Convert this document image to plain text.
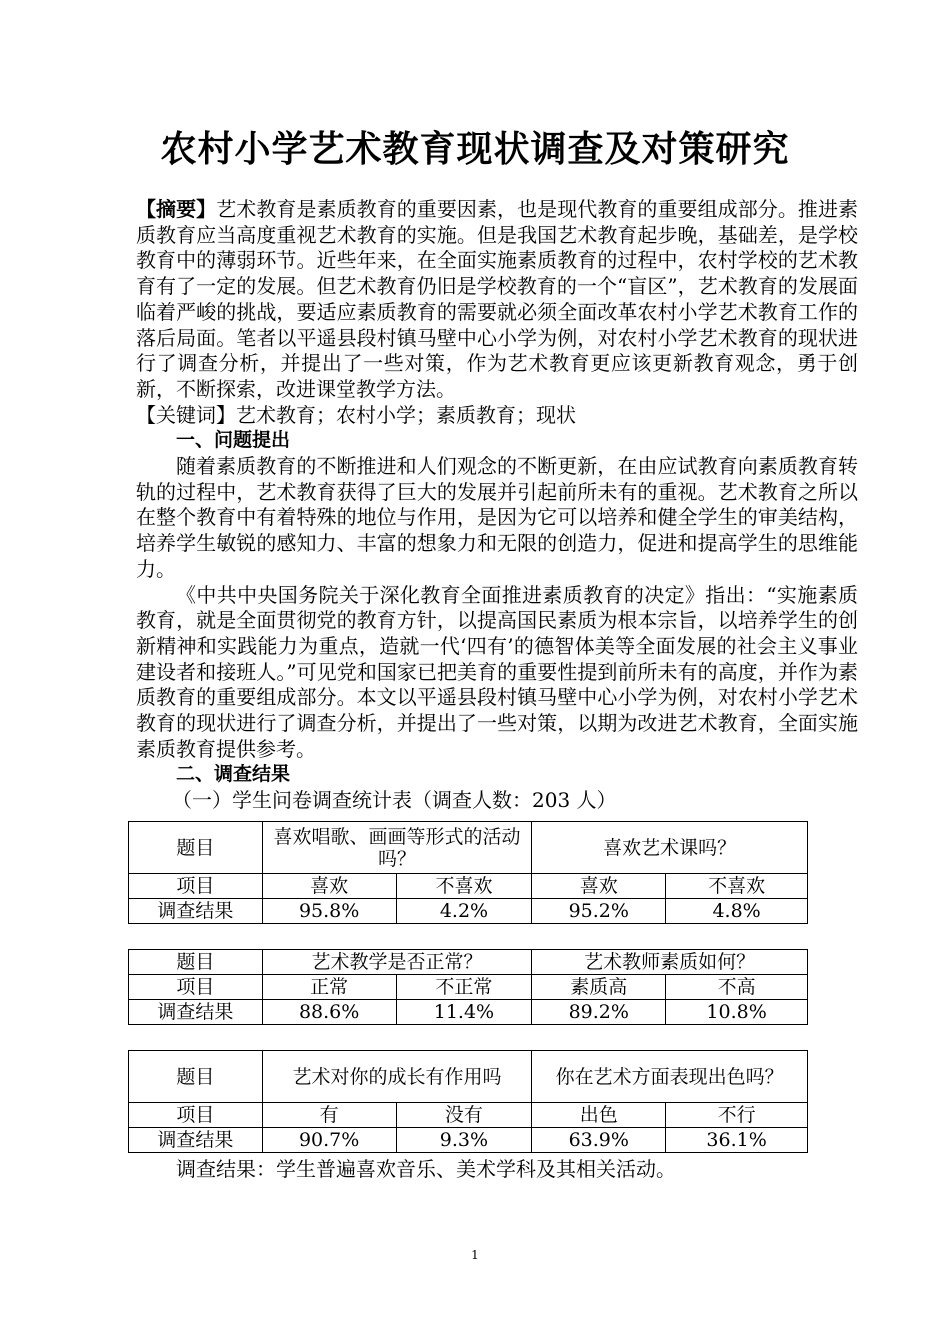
农村小学艺术教育现状调查及对策研究

【摘要】艺术教育是素质教育的重要因素，也是现代教育的重要组成部分。推进素质教育应当高度重视艺术教育的实施。但是我国艺术教育起步晚，基础差，是学校教育中的薄弱环节。近些年来，在全面实施素质教育的过程中，农村学校的艺术教育有了一定的发展。但艺术教育仍旧是学校教育的一个“盲区”，艺术教育的发展面临着严峻的挑战，要适应素质教育的需要就必须全面改革农村小学艺术教育工作的落后局面。笔者以平遥县段村镇马壁中心小学为例，对农村小学艺术教育的现状进行了调查分析，并提出了一些对策，作为艺术教育更应该更新教育观念，勇于创新，不断探索，改进课堂教学方法。

【关键词】艺术教育；农村小学；素质教育；现状

一、问题提出

随着素质教育的不断推进和人们观念的不断更新，在由应试教育向素质教育转轨的过程中，艺术教育获得了巨大的发展并引起前所未有的重视。艺术教育之所以在整个教育中有着特殊的地位与作用，是因为它可以培养和健全学生的审美结构，培养学生敏锐的感知力、丰富的想象力和无限的创造力，促进和提高学生的思维能力。

《中共中央国务院关于深化教育全面推进素质教育的决定》指出：“实施素质教育，就是全面贯彻党的教育方针，以提高国民素质为根本宗旨，以培养学生的创新精神和实践能力为重点，造就一代‘四有’的德智体美等全面发展的社会主义事业建设者和接班人。”可见党和国家已把美育的重要性提到前所未有的高度，并作为素质教育的重要组成部分。本文以平遥县段村镇马壁中心小学为例，对农村小学艺术教育的现状进行了调查分析，并提出了一些对策，以期为改进艺术教育，全面实施素质教育提供参考。

二、调查结果

（一）学生问卷调查统计表（调查人数：203 人）

题目	喜欢唱歌、画画等形式的活动吗？		喜欢艺术课吗？	
项目	喜欢	不喜欢	喜欢	不喜欢
调查结果	95.8%	4.2%	95.2%	4.8%
题目	艺术教学是否正常？		艺术教师素质如何？	
项目	正常	不正常	素质高	不高
调查结果	88.6%	11.4%	89.2%	10.8%
题目	艺术对你的成长有作用吗		你在艺术方面表现出色吗？	
项目	有	没有	出色	不行
调查结果	90.7%	9.3%	63.9%	36.1%
调查结果：学生普遍喜欢音乐、美术学科及其相关活动。
1
